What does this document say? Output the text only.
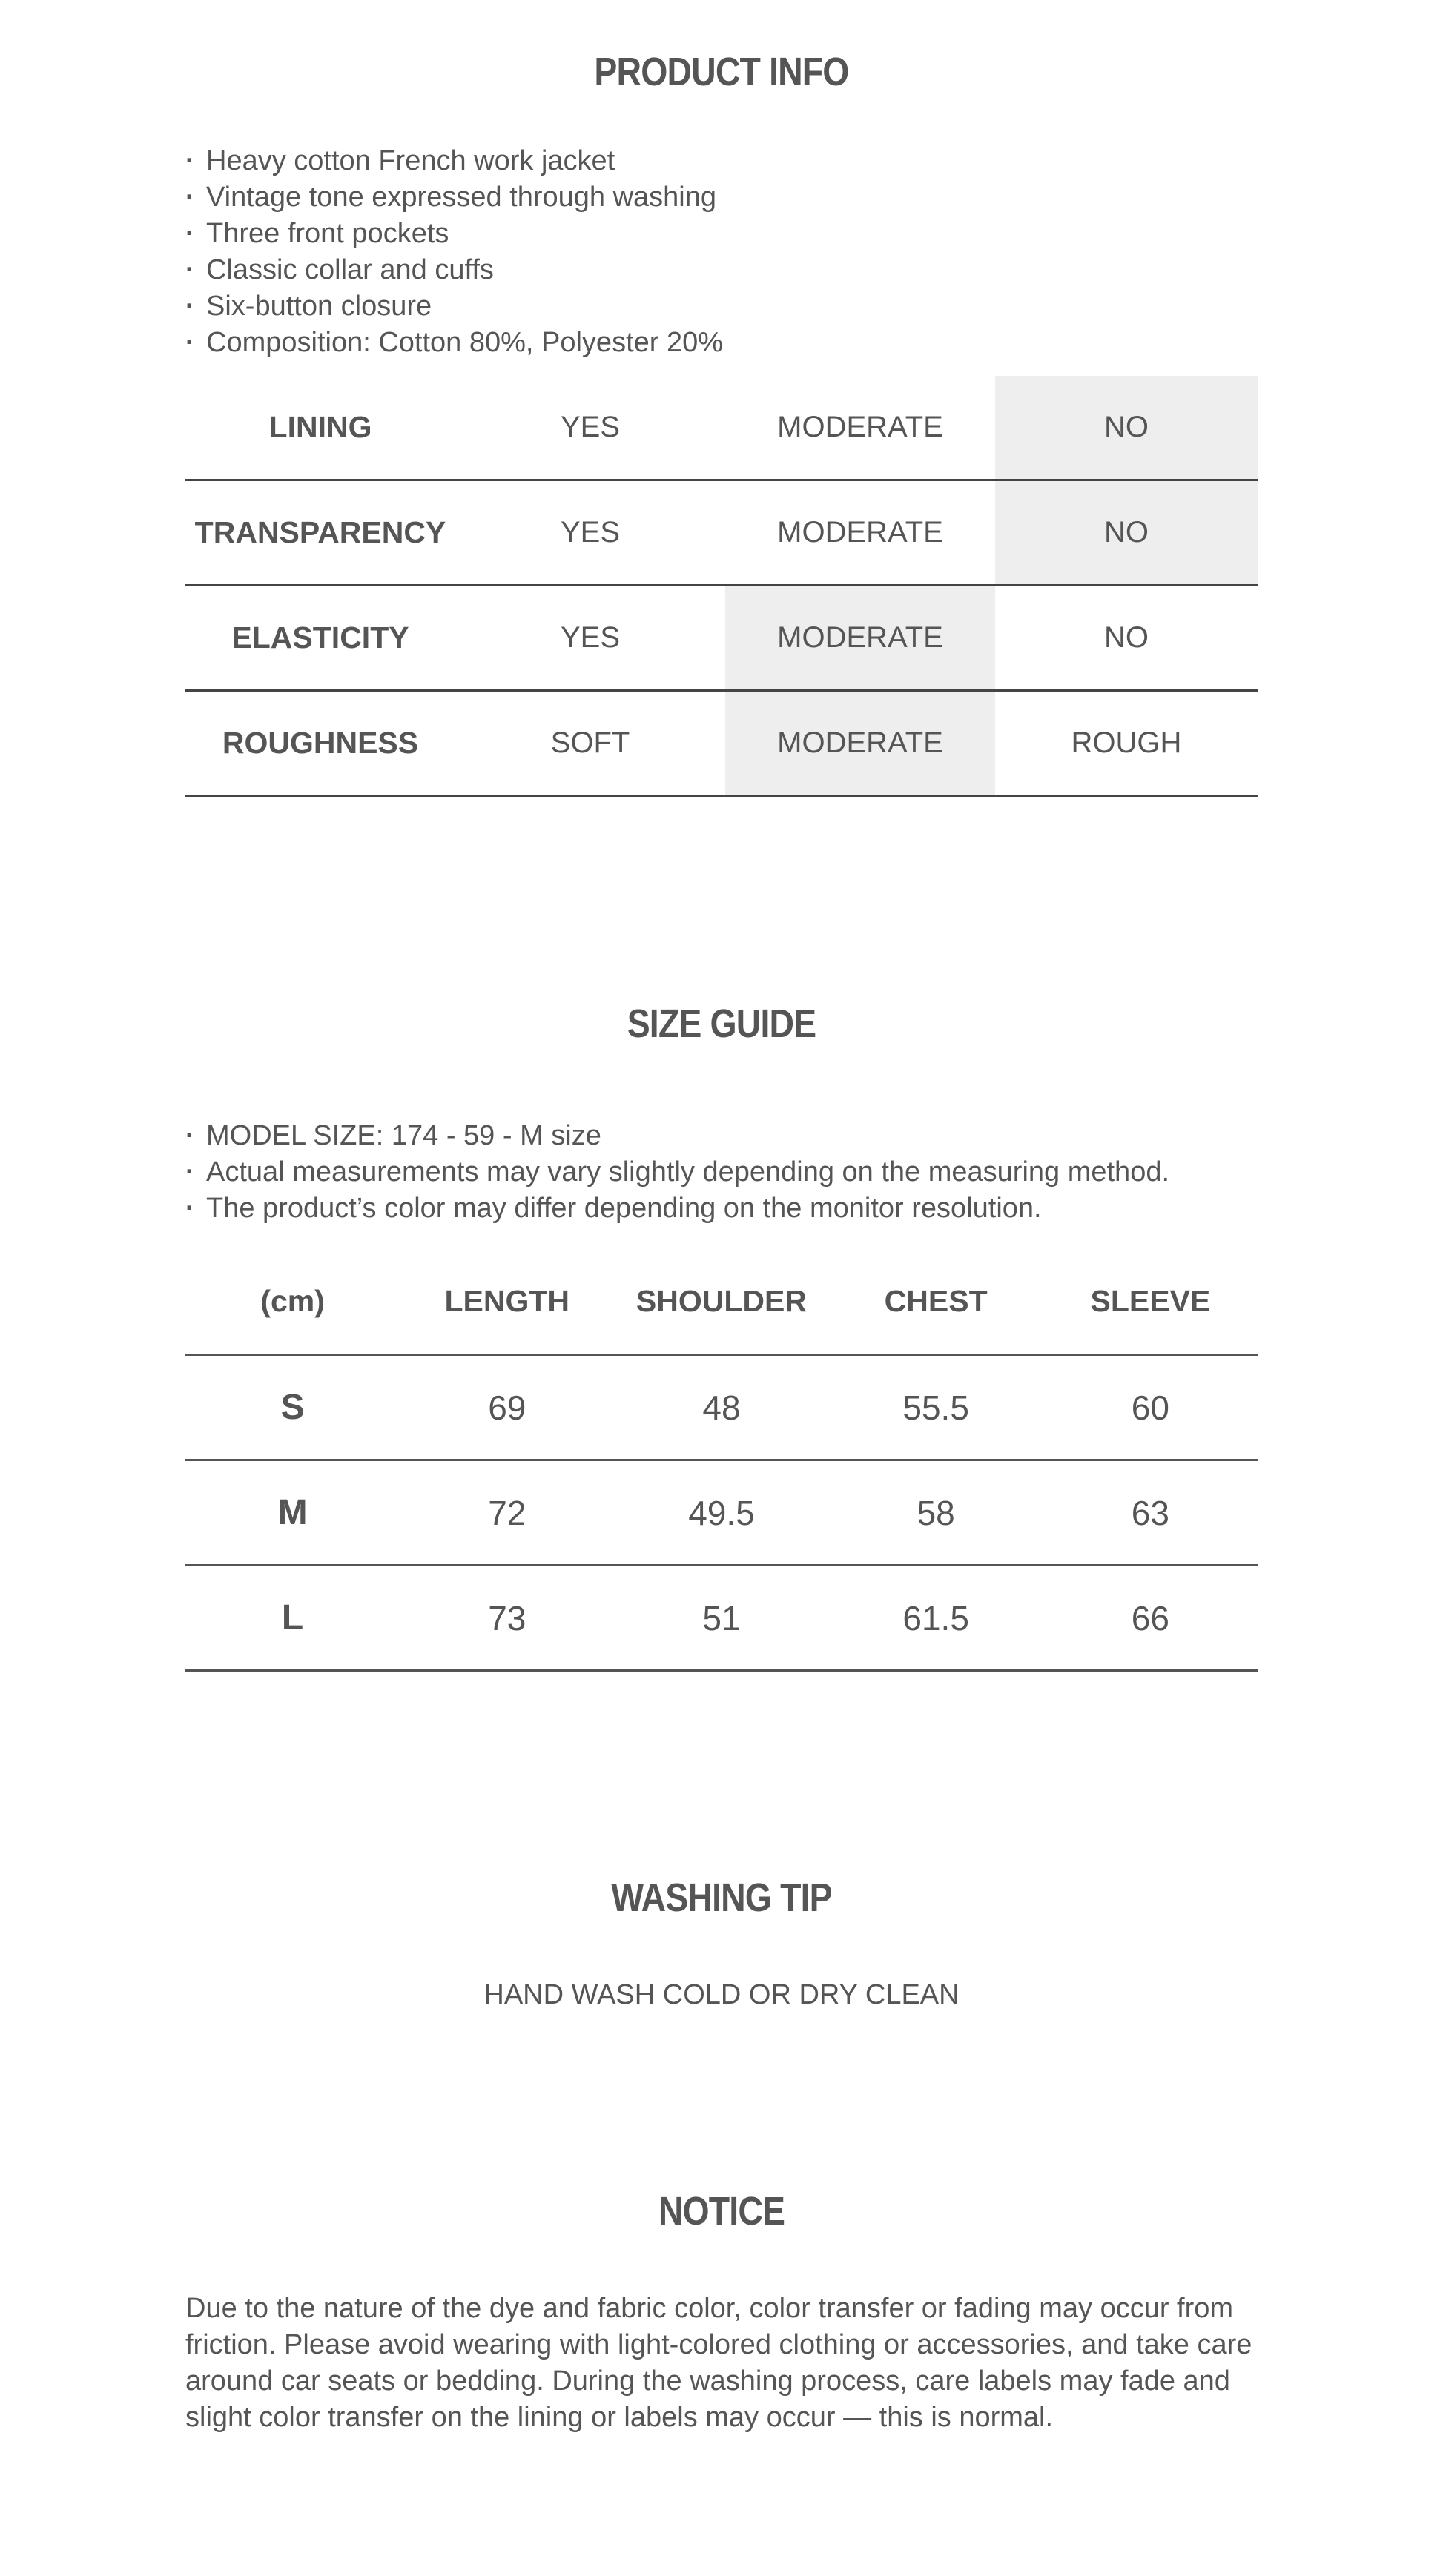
PRODUCT INFO
· Heavy cotton French work jacket
· Vintage tone expressed through washing
· Three front pockets
· Classic collar and cuffs
· Six-button closure
· Composition: Cotton 80%, Polyester 20%
LINING	YES	MODERATE	NO
TRANSPARENCY	YES	MODERATE	NO
ELASTICITY	YES	MODERATE	NO
ROUGHNESS	SOFT	MODERATE	ROUGH
SIZE GUIDE
· MODEL SIZE: 174 - 59 - M size
· Actual measurements may vary slightly depending on the measuring method.
· The product’s color may differ depending on the monitor resolution.
(cm)	LENGTH	SHOULDER	CHEST	SLEEVE
S	69	48	55.5	60
M	72	49.5	58	63
L	73	51	61.5	66
WASHING TIP
HAND WASH COLD OR DRY CLEAN
NOTICE

Due to the nature of the dye and fabric color, color transfer or fading may occur from friction. Please avoid wearing with light-colored clothing or accessories, and take care around car seats or bedding. During the washing process, care labels may fade and slight color transfer on the lining or labels may occur — this is normal.
